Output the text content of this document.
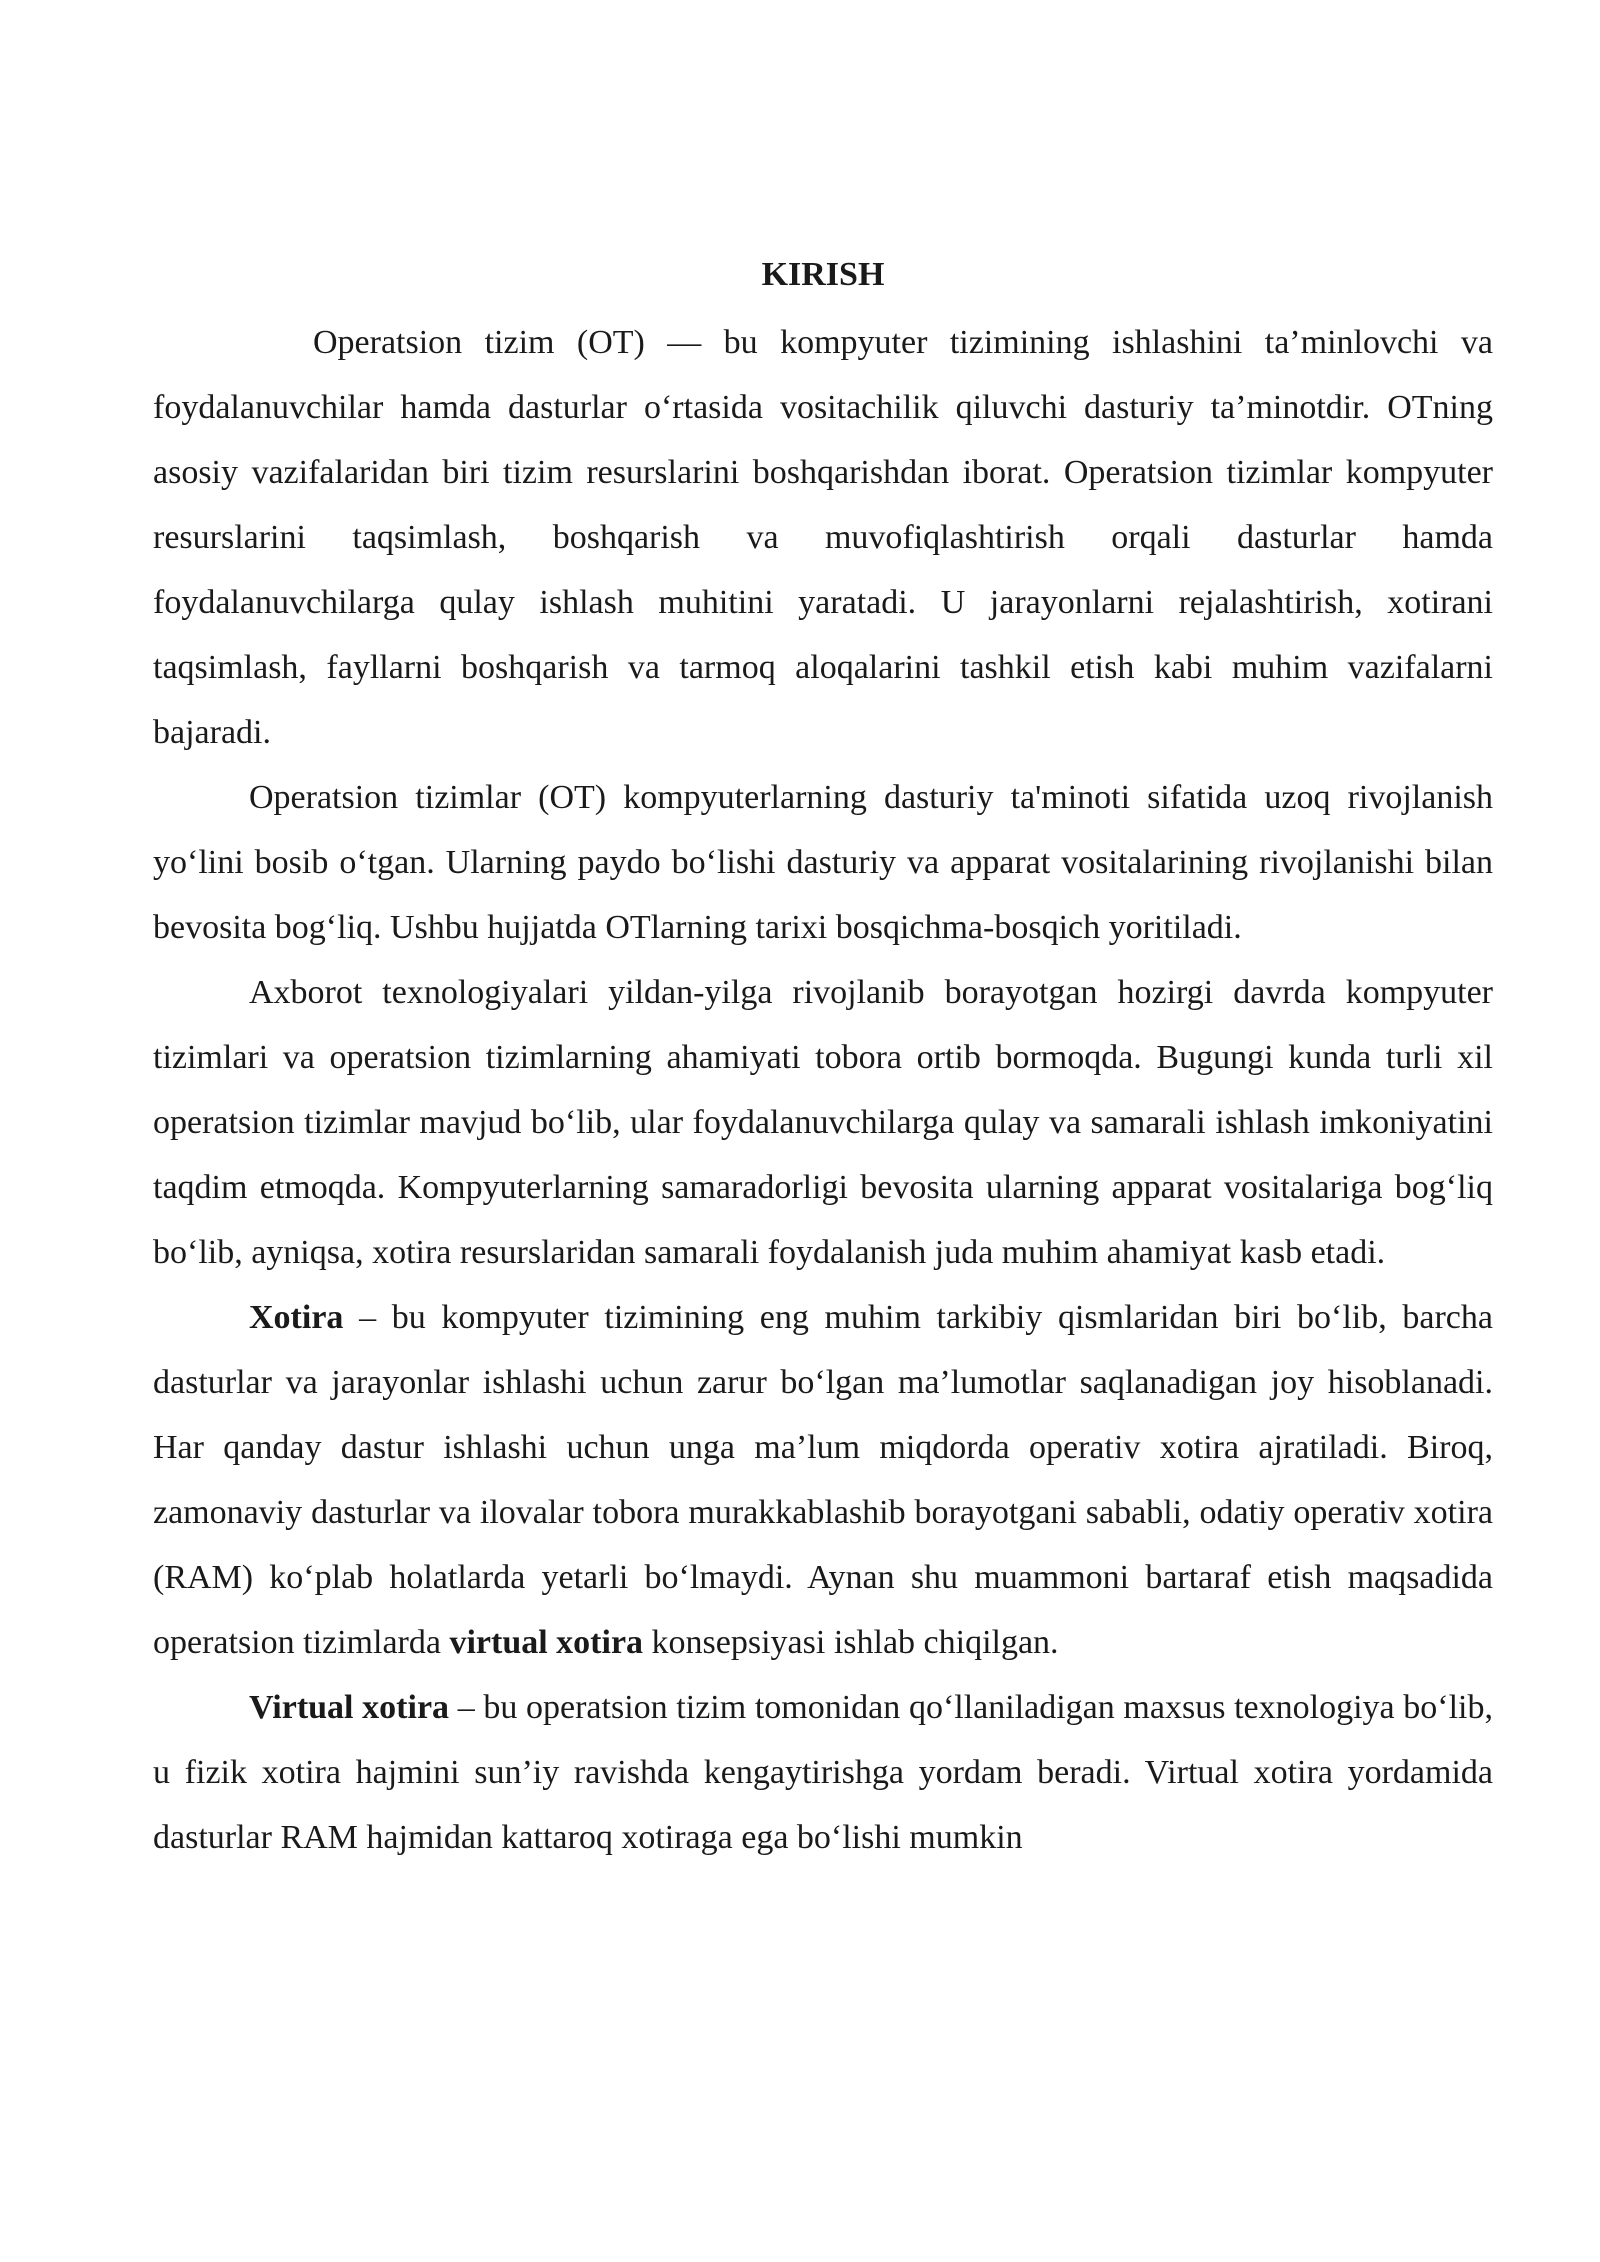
KIRISH

Operatsion tizim (OT) — bu kompyuter tizimining ishlashini ta’minlovchi va foydalanuvchilar hamda dasturlar o‘rtasida vositachilik qiluvchi dasturiy ta’minotdir. OTning asosiy vazifalaridan biri tizim resurslarini boshqarishdan iborat. Operatsion tizimlar kompyuter resurslarini taqsimlash, boshqarish va muvofiqlashtirish orqali dasturlar hamda foydalanuvchilarga qulay ishlash muhitini yaratadi. U jarayonlarni rejalashtirish, xotirani taqsimlash, fayllarni boshqarish va tarmoq aloqalarini tashkil etish kabi muhim vazifalarni bajaradi.

Operatsion tizimlar (OT) kompyuterlarning dasturiy ta'minoti sifatida uzoq rivojlanish yo‘lini bosib o‘tgan. Ularning paydo bo‘lishi dasturiy va apparat vositalarining rivojlanishi bilan bevosita bog‘liq. Ushbu hujjatda OTlarning tarixi bosqichma-bosqich yoritiladi.

Axborot texnologiyalari yildan-yilga rivojlanib borayotgan hozirgi davrda kompyuter tizimlari va operatsion tizimlarning ahamiyati tobora ortib bormoqda. Bugungi kunda turli xil operatsion tizimlar mavjud bo‘lib, ular foydalanuvchilarga qulay va samarali ishlash imkoniyatini taqdim etmoqda. Kompyuterlarning samaradorligi bevosita ularning apparat vositalariga bog‘liq bo‘lib, ayniqsa, xotira resurslaridan samarali foydalanish juda muhim ahamiyat kasb etadi.

Xotira – bu kompyuter tizimining eng muhim tarkibiy qismlaridan biri bo‘lib, barcha dasturlar va jarayonlar ishlashi uchun zarur bo‘lgan ma’lumotlar saqlanadigan joy hisoblanadi. Har qanday dastur ishlashi uchun unga ma’lum miqdorda operativ xotira ajratiladi. Biroq, zamonaviy dasturlar va ilovalar tobora murakkablashib borayotgani sababli, odatiy operativ xotira (RAM) ko‘plab holatlarda yetarli bo‘lmaydi. Aynan shu muammoni bartaraf etish maqsadida operatsion tizimlarda virtual xotira konsepsiyasi ishlab chiqilgan.

Virtual xotira – bu operatsion tizim tomonidan qo‘llaniladigan maxsus texnologiya bo‘lib, u fizik xotira hajmini sun’iy ravishda kengaytirishga yordam beradi. Virtual xotira yordamida dasturlar RAM hajmidan kattaroq xotiraga ega bo‘lishi mumkin
